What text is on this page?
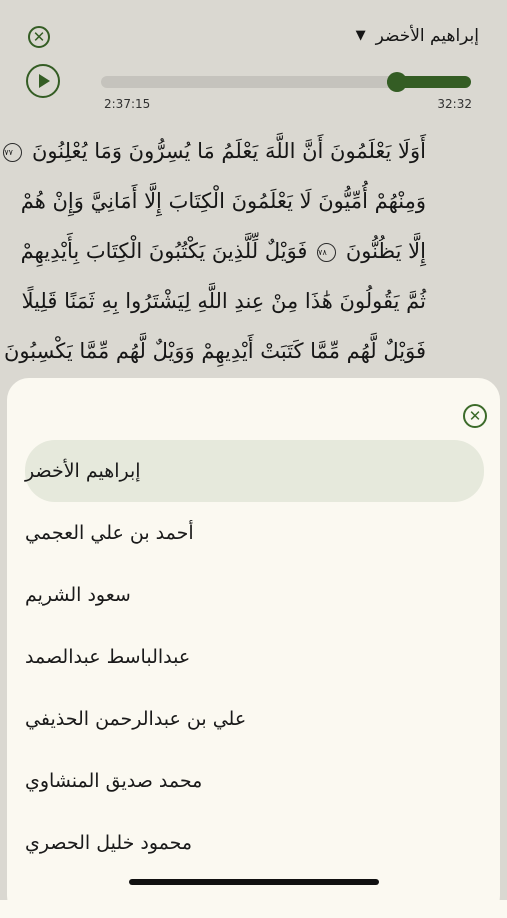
✕	▼ إبراهيم الأخضر
2:37:15	32:32
أَوَلَا يَعْلَمُونَ أَنَّ اللَّهَ يَعْلَمُ مَا يُسِرُّونَ وَمَا يُعْلِنُونَ ٧٧
وَمِنْهُمْ أُمِّيُّونَ لَا يَعْلَمُونَ الْكِتَابَ إِلَّا أَمَانِيَّ وَإِنْ هُمْ
إِلَّا يَظُنُّونَ ٧٨ فَوَيْلٌ لِّلَّذِينَ يَكْتُبُونَ الْكِتَابَ بِأَيْدِيهِمْ
ثُمَّ يَقُولُونَ هَٰذَا مِنْ عِندِ اللَّهِ لِيَشْتَرُوا بِهِ ثَمَنًا قَلِيلًا
فَوَيْلٌ لَّهُم مِّمَّا كَتَبَتْ أَيْدِيهِمْ وَوَيْلٌ لَّهُم مِّمَّا يَكْسِبُونَ
✕
إبراهيم الأخضر
أحمد بن علي العجمي
سعود الشريم
عبدالباسط عبدالصمد
علي بن عبدالرحمن الحذيفي
محمد صديق المنشاوي
محمود خليل الحصري
